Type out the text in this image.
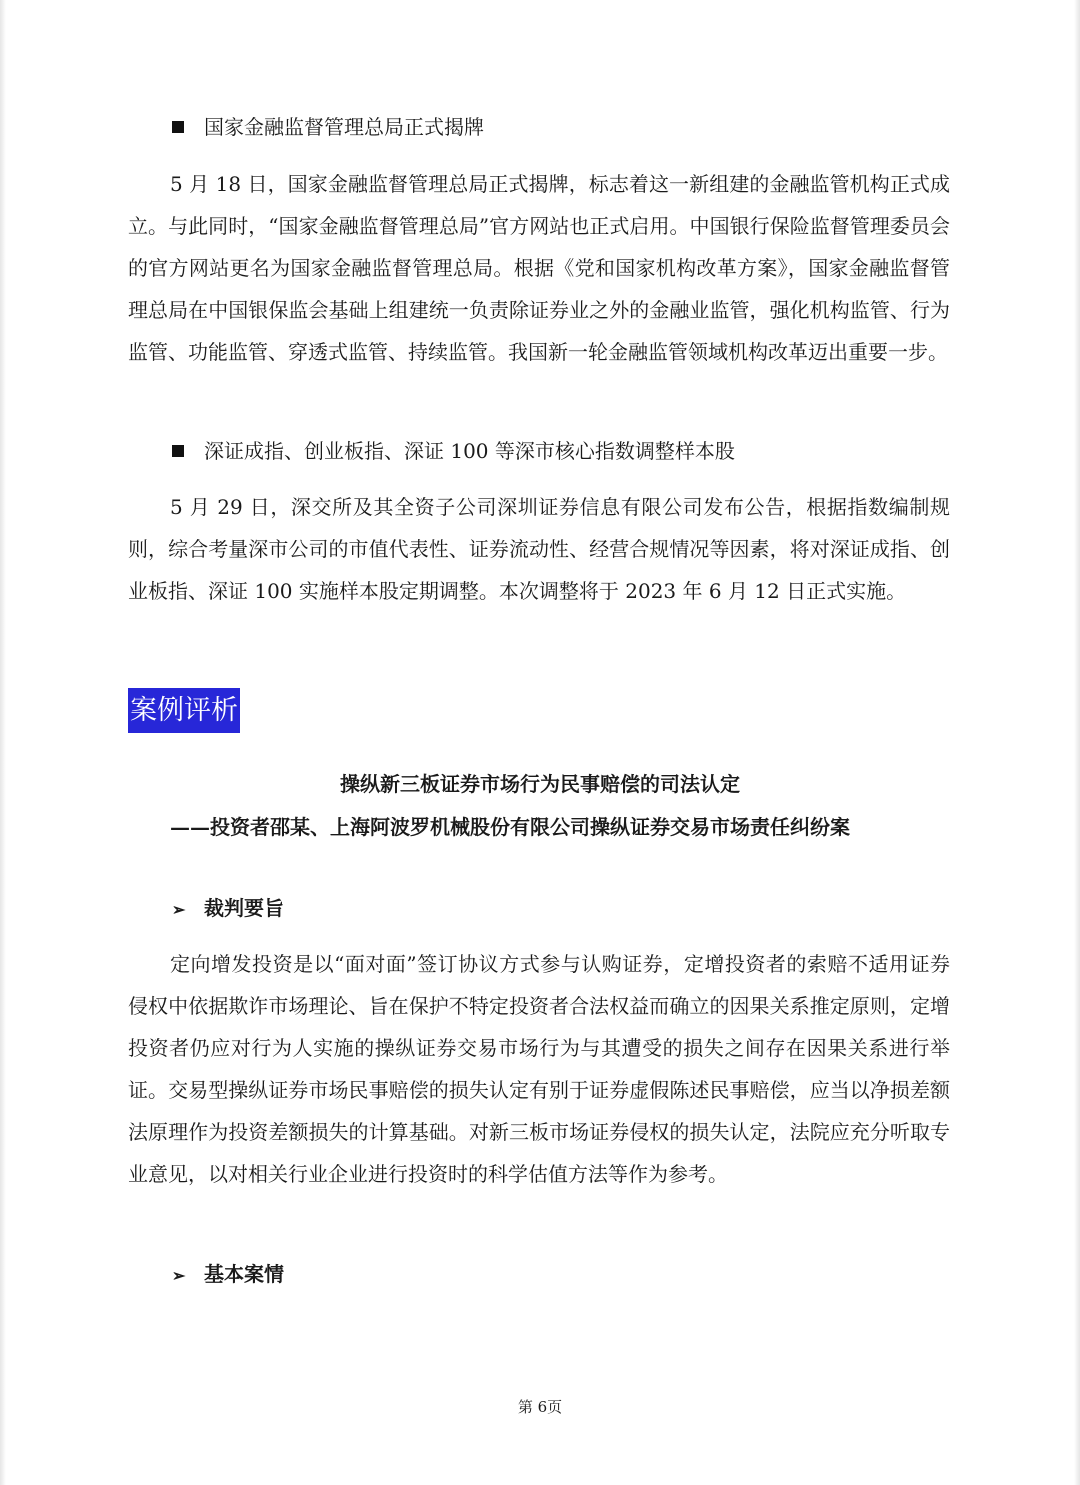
国家金融监督管理总局正式揭牌

5 月 18 日，国家金融监督管理总局正式揭牌，标志着这一新组建的金融监管机构正式成立。与此同时，“国家金融监督管理总局”官方网站也正式启用。中国银行保险监督管理委员会的官方网站更名为国家金融监督管理总局。根据《党和国家机构改革方案》，国家金融监督管理总局在中国银保监会基础上组建统一负责除证券业之外的金融业监管，强化机构监管、行为监管、功能监管、穿透式监管、持续监管。我国新一轮金融监管领域机构改革迈出重要一步。

深证成指、创业板指、深证 100 等深市核心指数调整样本股

5 月 29 日，深交所及其全资子公司深圳证券信息有限公司发布公告，根据指数编制规则，综合考量深市公司的市值代表性、证券流动性、经营合规情况等因素，将对深证成指、创业板指、深证 100 实施样本股定期调整。本次调整将于 2023 年 6 月 12 日正式实施。

案例评析
操纵新三板证券市场行为民事赔偿的司法认定
——投资者邵某、上海阿波罗机械股份有限公司操纵证券交易市场责任纠纷案
➢ 裁判要旨

定向增发投资是以“面对面”签订协议方式参与认购证券，定增投资者的索赔不适用证券侵权中依据欺诈市场理论、旨在保护不特定投资者合法权益而确立的因果关系推定原则，定增投资者仍应对行为人实施的操纵证券交易市场行为与其遭受的损失之间存在因果关系进行举证。交易型操纵证券市场民事赔偿的损失认定有别于证券虚假陈述民事赔偿，应当以净损差额法原理作为投资差额损失的计算基础。对新三板市场证券侵权的损失认定，法院应充分听取专业意见，以对相关行业企业进行投资时的科学估值方法等作为参考。

➢ 基本案情
第 6页
